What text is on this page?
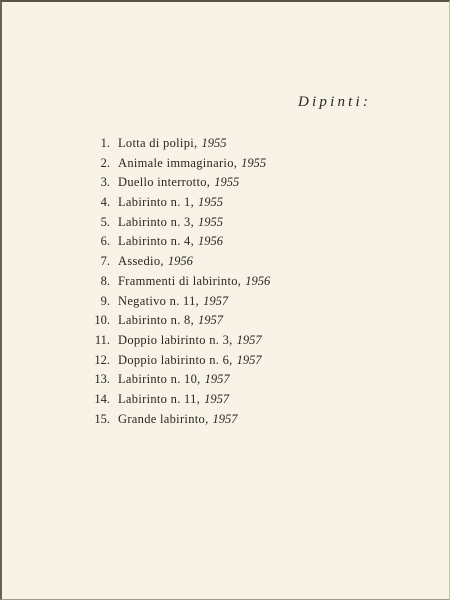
Dipinti:
1. Lotta di polipi, 1955
2. Animale immaginario, 1955
3. Duello interrotto, 1955
4. Labirinto n. 1, 1955
5. Labirinto n. 3, 1955
6. Labirinto n. 4, 1956
7. Assedio, 1956
8. Frammenti di labirinto, 1956
9. Negativo n. 11, 1957
10. Labirinto n. 8, 1957
11. Doppio labirinto n. 3, 1957
12. Doppio labirinto n. 6, 1957
13. Labirinto n. 10, 1957
14. Labirinto n. 11, 1957
15. Grande labirinto, 1957
